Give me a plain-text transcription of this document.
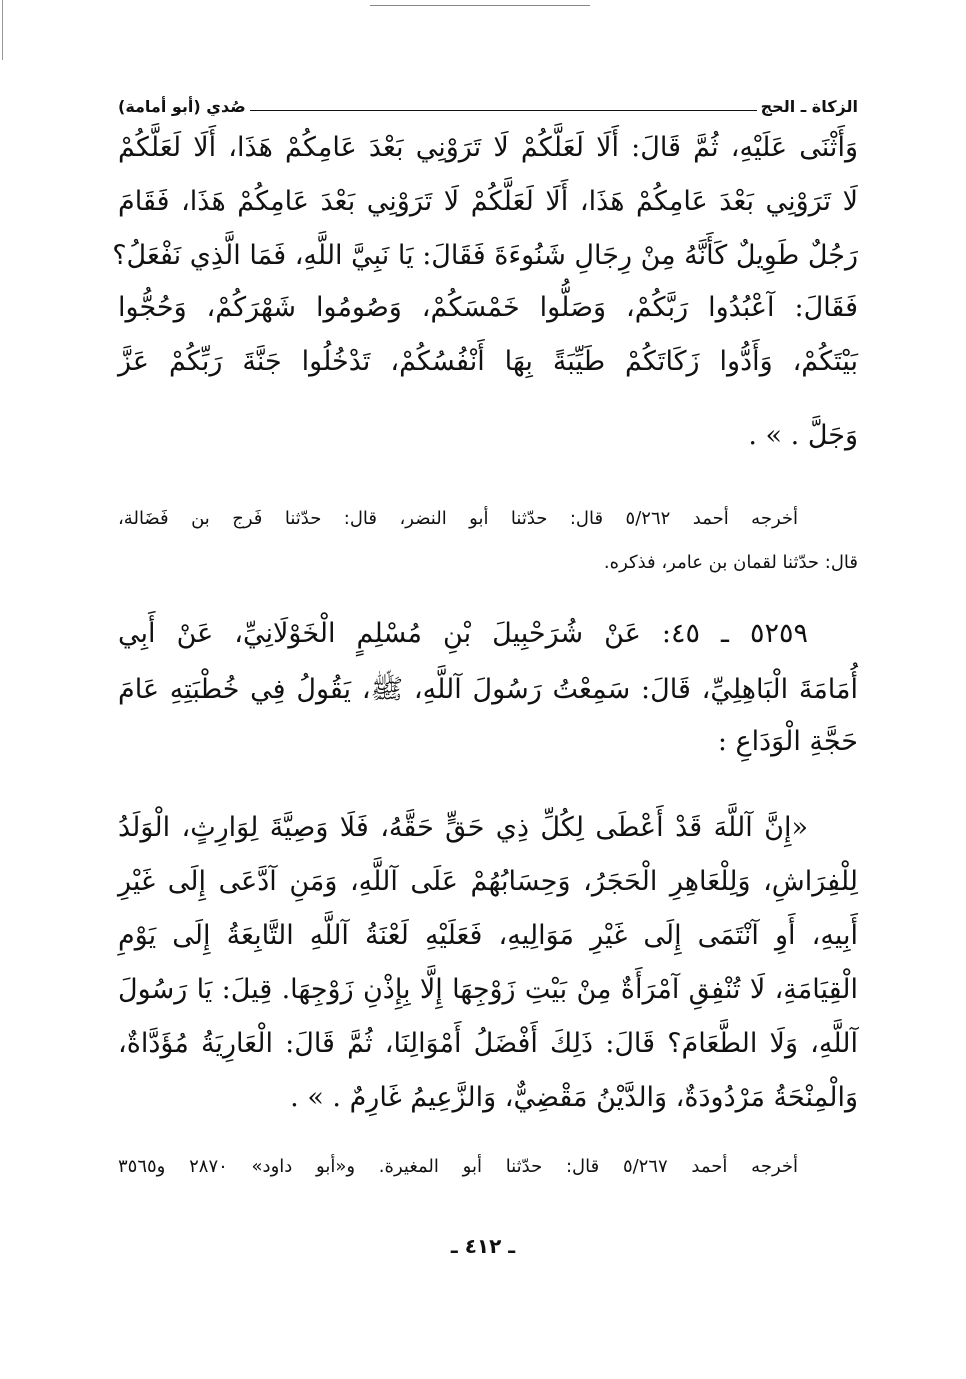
الزكاة ـ الحج
صُدي (أبو أمامة)
وَأَثْنَى عَلَيْهِ، ثُمَّ قَالَ: أَلَا لَعَلَّكُمْ لَا تَرَوْنِي بَعْدَ عَامِكُمْ هَذَا، أَلَا لَعَلَّكُمْ
لَا تَرَوْنِي بَعْدَ عَامِكُمْ هَذَا، أَلَا لَعَلَّكُمْ لَا تَرَوْنِي بَعْدَ عَامِكُمْ هَذَا، فَقَامَ
رَجُلٌ طَوِيلٌ كَأَنَّهُ مِنْ رِجَالِ شَنُوءَةَ فَقَالَ: يَا نَبِيَّ اللَّهِ، فَمَا الَّذِي نَفْعَلُ؟
فَقَالَ: آعْبُدُوا رَبَّكُمْ، وَصَلُّوا خَمْسَكُمْ، وَصُومُوا شَهْرَكُمْ، وَحُجُّوا
بَيْتَكُمْ، وَأَدُّوا زَكَاتَكُمْ طَيِّبَةً بِهَا أَنْفُسُكُمْ، تَدْخُلُوا جَنَّةَ رَبِّكُمْ عَزَّ
وَجَلَّ . » .
أخرجه أحمد ٥/٢٦٢ قال: حدّثنا أبو النضر، قال: حدّثنا فَرج بن فَضَالة،
قال: حدّثنا لقمان بن عامر، فذكره.
٥٢٥٩ ـ ٤٥: عَنْ شُرَحْبِيلَ بْنِ مُسْلِمٍ الْخَوْلَانِيِّ، عَنْ أَبِي
أُمَامَةَ الْبَاهِلِيِّ، قَالَ: سَمِعْتُ رَسُولَ آللَّهِ، ﷺ، يَقُولُ فِي خُطْبَتِهِ عَامَ
حَجَّةِ الْوَدَاعِ :
«إِنَّ آللَّهَ قَدْ أَعْطَى لِكُلِّ ذِي حَقٍّ حَقَّهُ، فَلَا وَصِيَّةَ لِوَارِثٍ، الْوَلَدُ
لِلْفِرَاشِ، وَلِلْعَاهِرِ الْحَجَرُ، وَحِسَابُهُمْ عَلَى آللَّهِ، وَمَنِ آدَّعَى إِلَى غَيْرِ
أَبِيهِ، أَوِ آنْتَمَى إِلَى غَيْرِ مَوَالِيهِ، فَعَلَيْهِ لَعْنَةُ آللَّهِ التَّابِعَةُ إِلَى يَوْمِ
الْقِيَامَةِ، لَا تُنْفِقِ آمْرَأَةٌ مِنْ بَيْتِ زَوْجِهَا إِلَّا بِإِذْنِ زَوْجِهَا. قِيلَ: يَا رَسُولَ
آللَّهِ، وَلَا الطَّعَامَ؟ قَالَ: ذَلِكَ أَفْضَلُ أَمْوَالِنَا، ثُمَّ قَالَ: الْعَارِيَةُ مُؤَدَّاةٌ،
وَالْمِنْحَةُ مَرْدُودَةٌ، وَالدَّيْنُ مَقْضِيٌّ، وَالزَّعِيمُ غَارِمٌ . » .
أخرجه أحمد ٥/٢٦٧ قال: حدّثنا أبو المغيرة. و«أبو داود» ٢٨٧٠ و٣٥٦٥
ـ ٤١٢ ـ
